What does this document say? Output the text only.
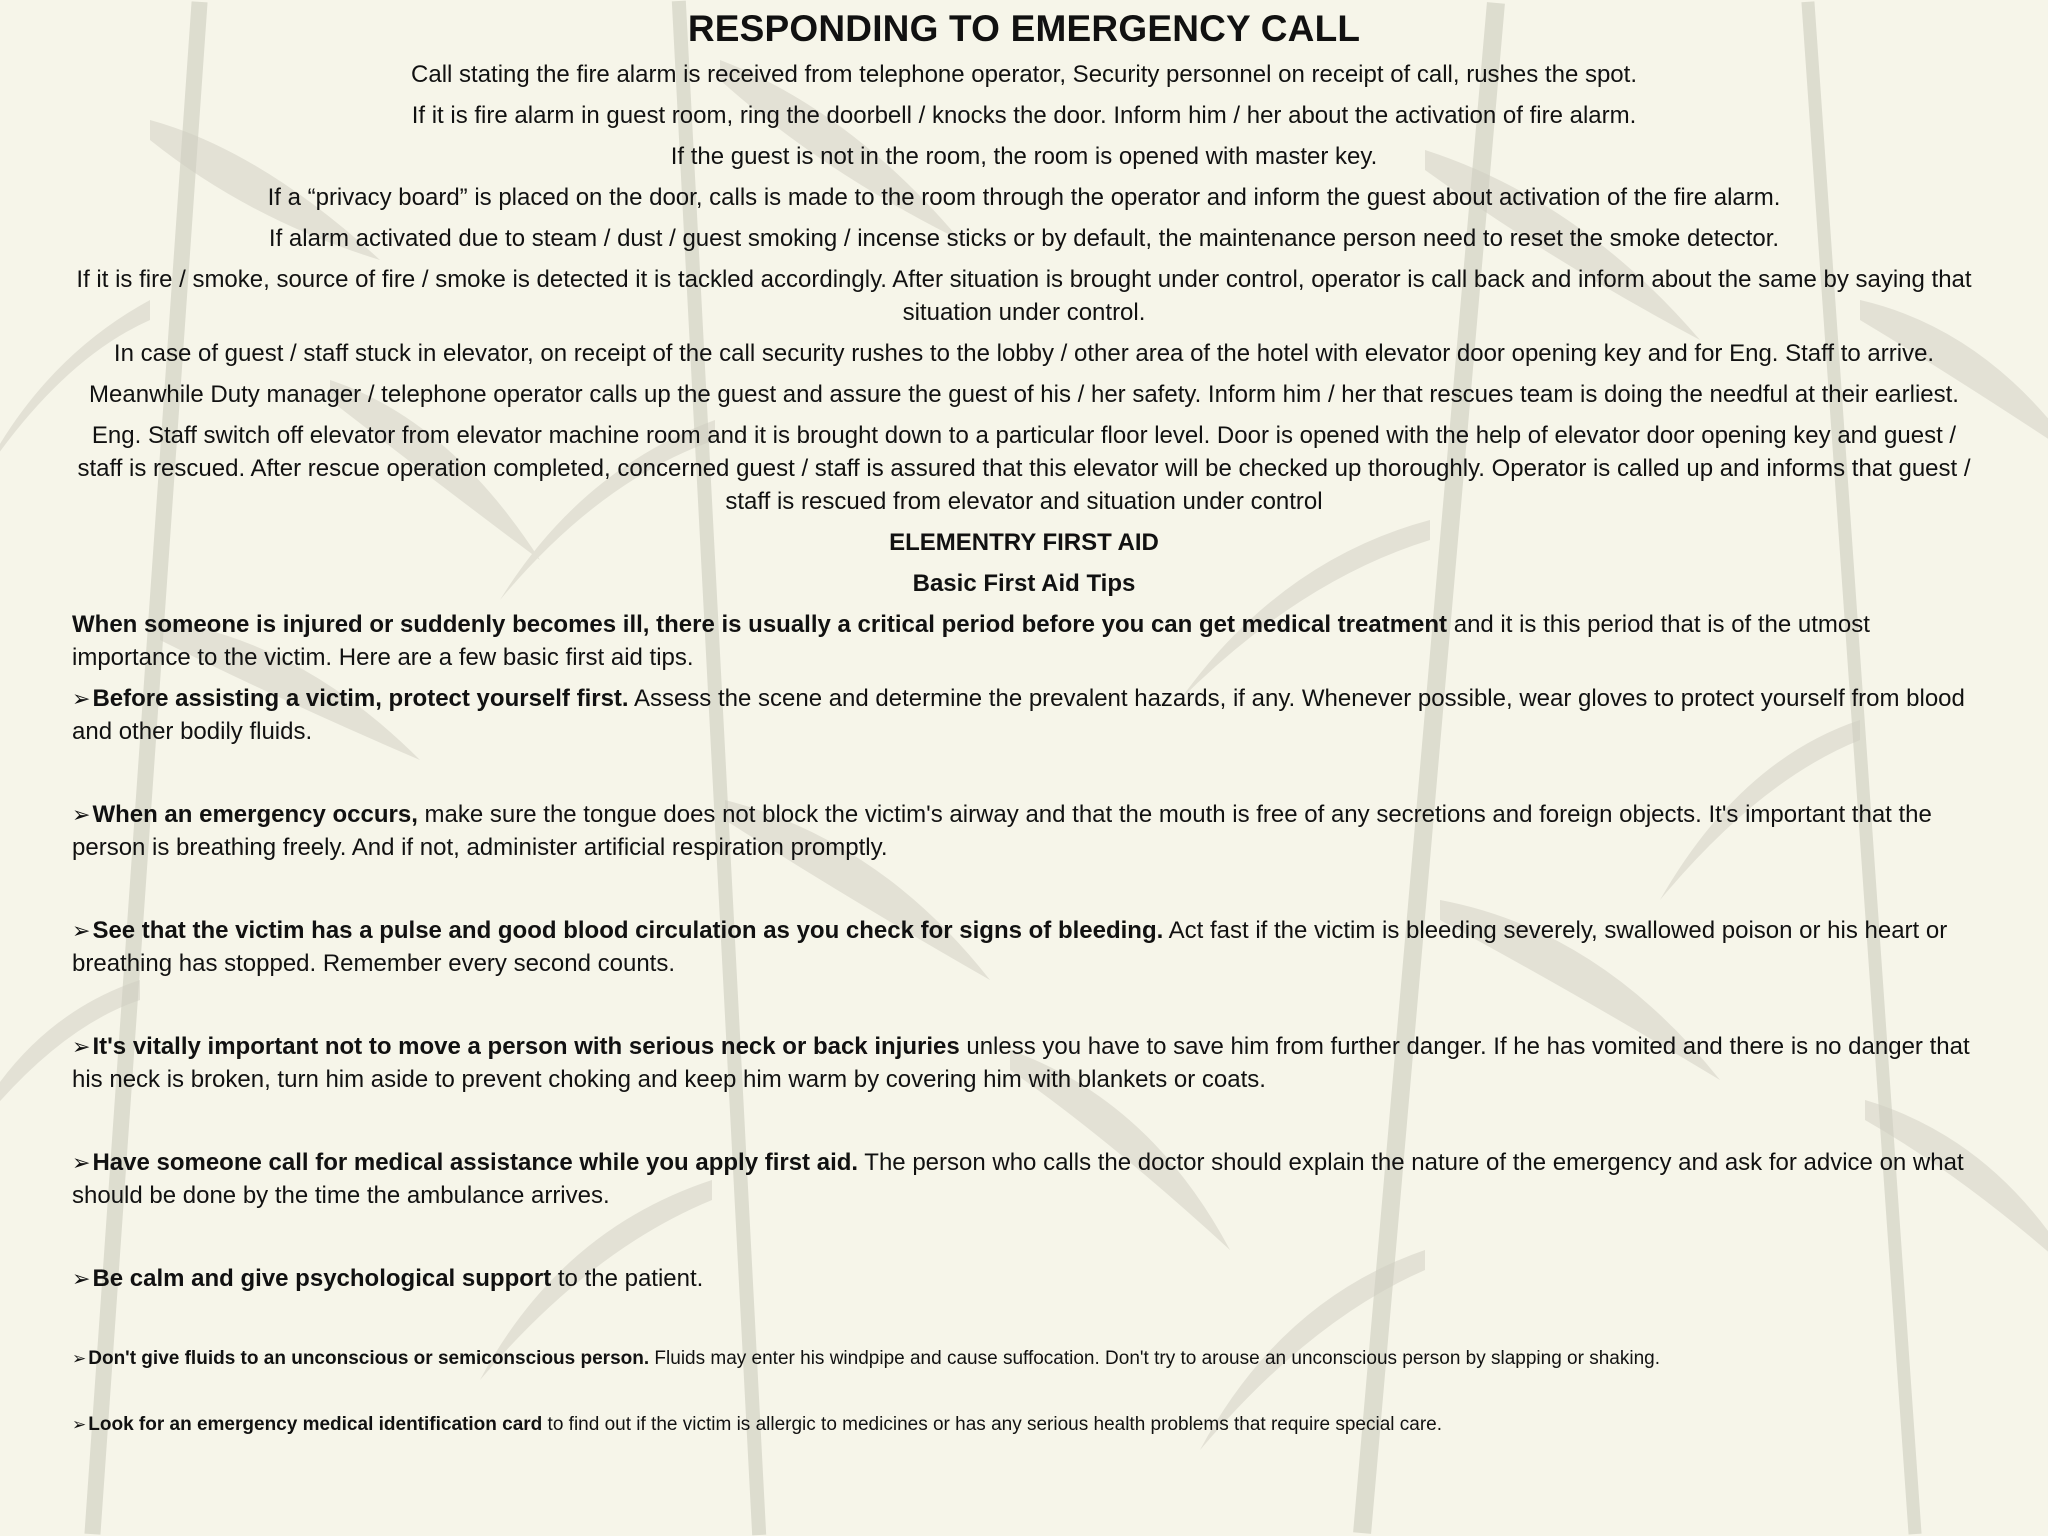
RESPONDING TO EMERGENCY CALL

Call stating the fire alarm is received from telephone operator, Security personnel on receipt of call, rushes the spot.

If it is fire alarm in guest room, ring the doorbell / knocks the door. Inform him / her about the activation of fire alarm.

If the guest is not in the room, the room is opened with master key.

If a “privacy board” is placed on the door, calls is made to the room through the operator and inform the guest about activation of the fire alarm.

If alarm activated due to steam / dust / guest smoking / incense sticks or by default, the maintenance person need to reset the smoke detector.

If it is fire / smoke, source of fire / smoke is detected it is tackled accordingly. After situation is brought under control, operator is call back and inform about the same by saying that situation under control.

In case of guest / staff stuck in elevator, on receipt of the call security rushes to the lobby / other area of the hotel with elevator door opening key and for Eng. Staff to arrive.

Meanwhile Duty manager / telephone operator calls up the guest and assure the guest of his / her safety. Inform him / her that rescues team is doing the needful at their earliest.

Eng. Staff switch off elevator from elevator machine room and it is brought down to a particular floor level. Door is opened with the help of elevator door opening key and guest / staff is rescued. After rescue operation completed, concerned guest / staff is assured that this elevator will be checked up thoroughly. Operator is called up and informs that guest / staff is rescued from elevator and situation under control

ELEMENTRY FIRST AID
Basic First Aid Tips
When someone is injured or suddenly becomes ill, there is usually a critical period before you can get medical treatment and it is this period that is of the utmost importance to the victim. Here are a few basic first aid tips.
➢Before assisting a victim, protect yourself first. Assess the scene and determine the prevalent hazards, if any. Whenever possible, wear gloves to protect yourself from blood and other bodily fluids.
➢When an emergency occurs, make sure the tongue does not block the victim's airway and that the mouth is free of any secretions and foreign objects. It's important that the person is breathing freely. And if not, administer artificial respiration promptly.
➢See that the victim has a pulse and good blood circulation as you check for signs of bleeding. Act fast if the victim is bleeding severely, swallowed poison or his heart or breathing has stopped. Remember every second counts.
➢It's vitally important not to move a person with serious neck or back injuries unless you have to save him from further danger. If he has vomited and there is no danger that his neck is broken, turn him aside to prevent choking and keep him warm by covering him with blankets or coats.
➢Have someone call for medical assistance while you apply first aid. The person who calls the doctor should explain the nature of the emergency and ask for advice on what should be done by the time the ambulance arrives.
➢Be calm and give psychological support to the patient.
➢ Don't give fluids to an unconscious or semiconscious person. Fluids may enter his windpipe and cause suffocation. Don't try to arouse an unconscious person by slapping or shaking.
➢ Look for an emergency medical identification card to find out if the victim is allergic to medicines or has any serious health problems that require special care.
